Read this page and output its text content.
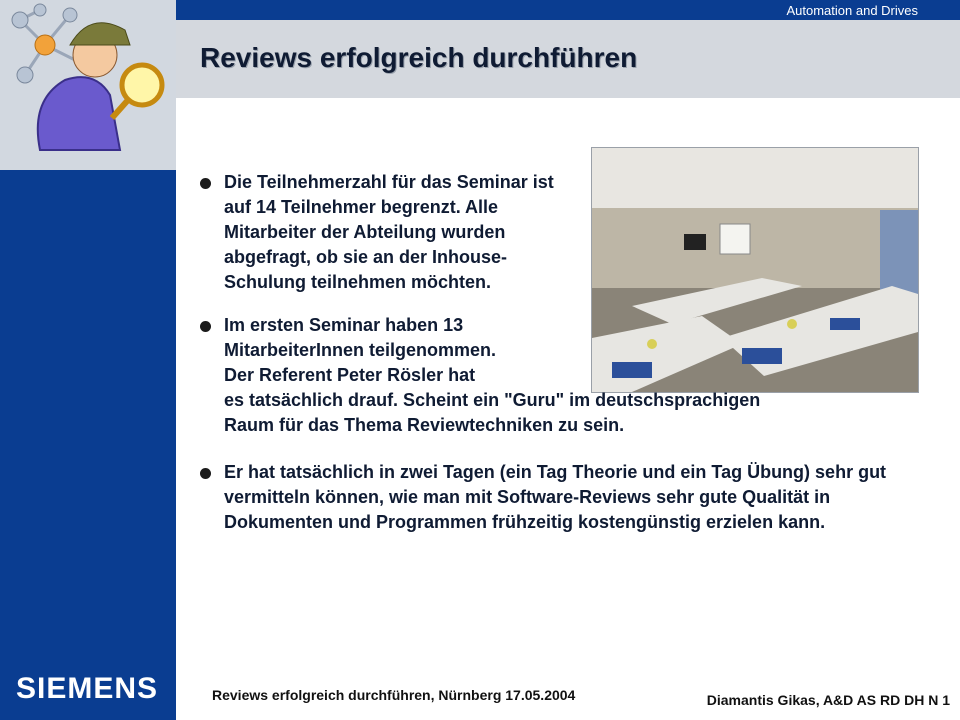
Automation and Drives
Reviews erfolgreich durchführen
Die Teilnehmerzahl für das Seminar ist auf 14 Teilnehmer begrenzt. Alle Mitarbeiter der Abteilung wurden abgefragt, ob sie an der Inhouse-Schulung teilnehmen möchten.
Im ersten Seminar haben 13
MitarbeiterInnen teilgenommen.
Der Referent Peter Rösler hat
es tatsächlich drauf. Scheint ein "Guru" im deutschsprachigen
Raum für das Thema Reviewtechniken zu sein.
Er hat tatsächlich in zwei Tagen (ein Tag Theorie und ein Tag Übung) sehr gut vermitteln können, wie man mit Software-Reviews sehr gute Qualität in Dokumenten und Programmen frühzeitig kostengünstig erzielen kann.
SIEMENS	Reviews erfolgreich durchführen, Nürnberg 17.05.2004	Diamantis Gikas, A&D AS RD DH N 1
